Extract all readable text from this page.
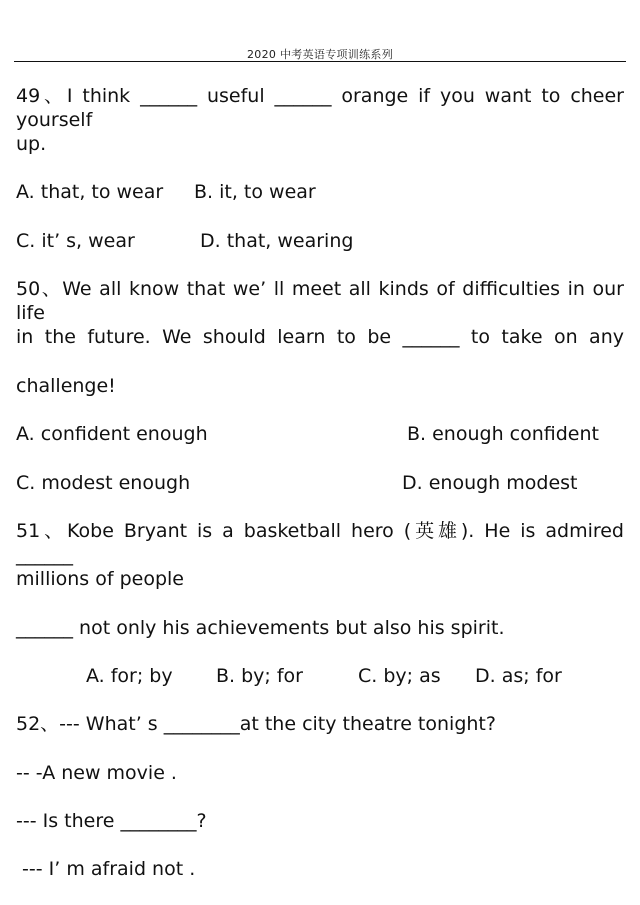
2020 中考英语专项训练系列
49、I think ______ useful ______ orange if you want to cheer yourself
up.
A. that, to wear B. it, to wear
C. it’ s, wear	D. that, wearing
50、We all know that we’ ll meet all kinds of difficulties in our life
in the future. We should learn to be ______ to take on any
challenge!
A. confident enough	B. enough confident
C. modest enough	D. enough modest
51、Kobe Bryant is a basketball hero (英雄). He is admired ______
millions of people
______ not only his achievements but also his spirit.
A. for; by B. by; for	C. by; as D. as; for
52、--- What’ s ________at the city theatre tonight?
-- -A new movie .
--- Is there ________?
--- I’ m afraid not .
